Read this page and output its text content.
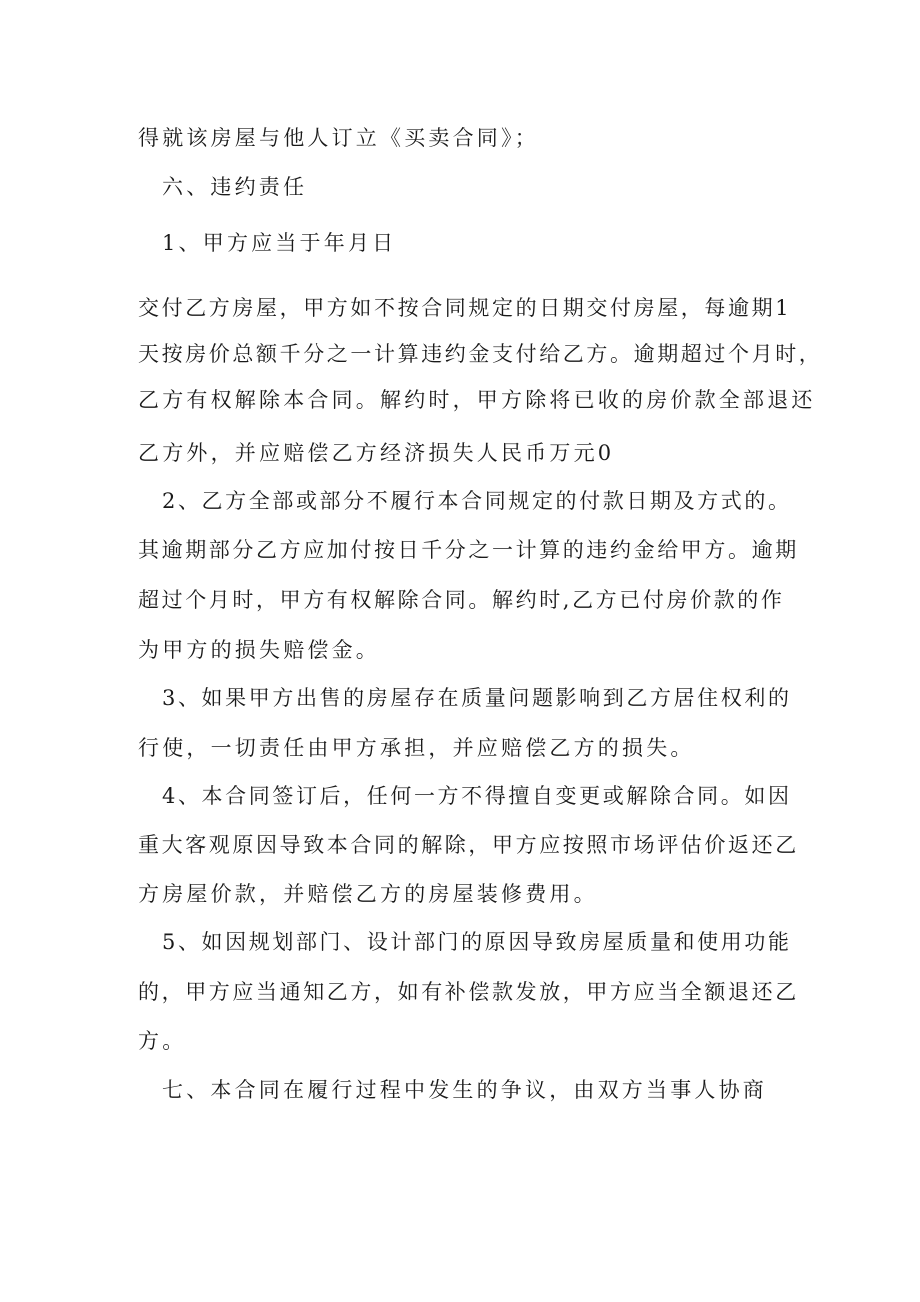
得就该房屋与他人订立《买卖合同》；

六、违约责任

1、甲方应当于年月日

交付乙方房屋，甲方如不按合同规定的日期交付房屋，每逾期1

天按房价总额千分之一计算违约金支付给乙方。逾期超过个月时，

乙方有权解除本合同。解约时，甲方除将已收的房价款全部退还

乙方外，并应赔偿乙方经济损失人民币万元0

2、乙方全部或部分不履行本合同规定的付款日期及方式的。

其逾期部分乙方应加付按日千分之一计算的违约金给甲方。逾期

超过个月时，甲方有权解除合同。解约时,乙方已付房价款的作

为甲方的损失赔偿金。

3、如果甲方出售的房屋存在质量问题影响到乙方居住权利的

行使，一切责任由甲方承担，并应赔偿乙方的损失。

4、本合同签订后，任何一方不得擅自变更或解除合同。如因

重大客观原因导致本合同的解除，甲方应按照市场评估价返还乙

方房屋价款，并赔偿乙方的房屋装修费用。

5、如因规划部门、设计部门的原因导致房屋质量和使用功能

的，甲方应当通知乙方，如有补偿款发放，甲方应当全额退还乙

方。

七、本合同在履行过程中发生的争议，由双方当事人协商
